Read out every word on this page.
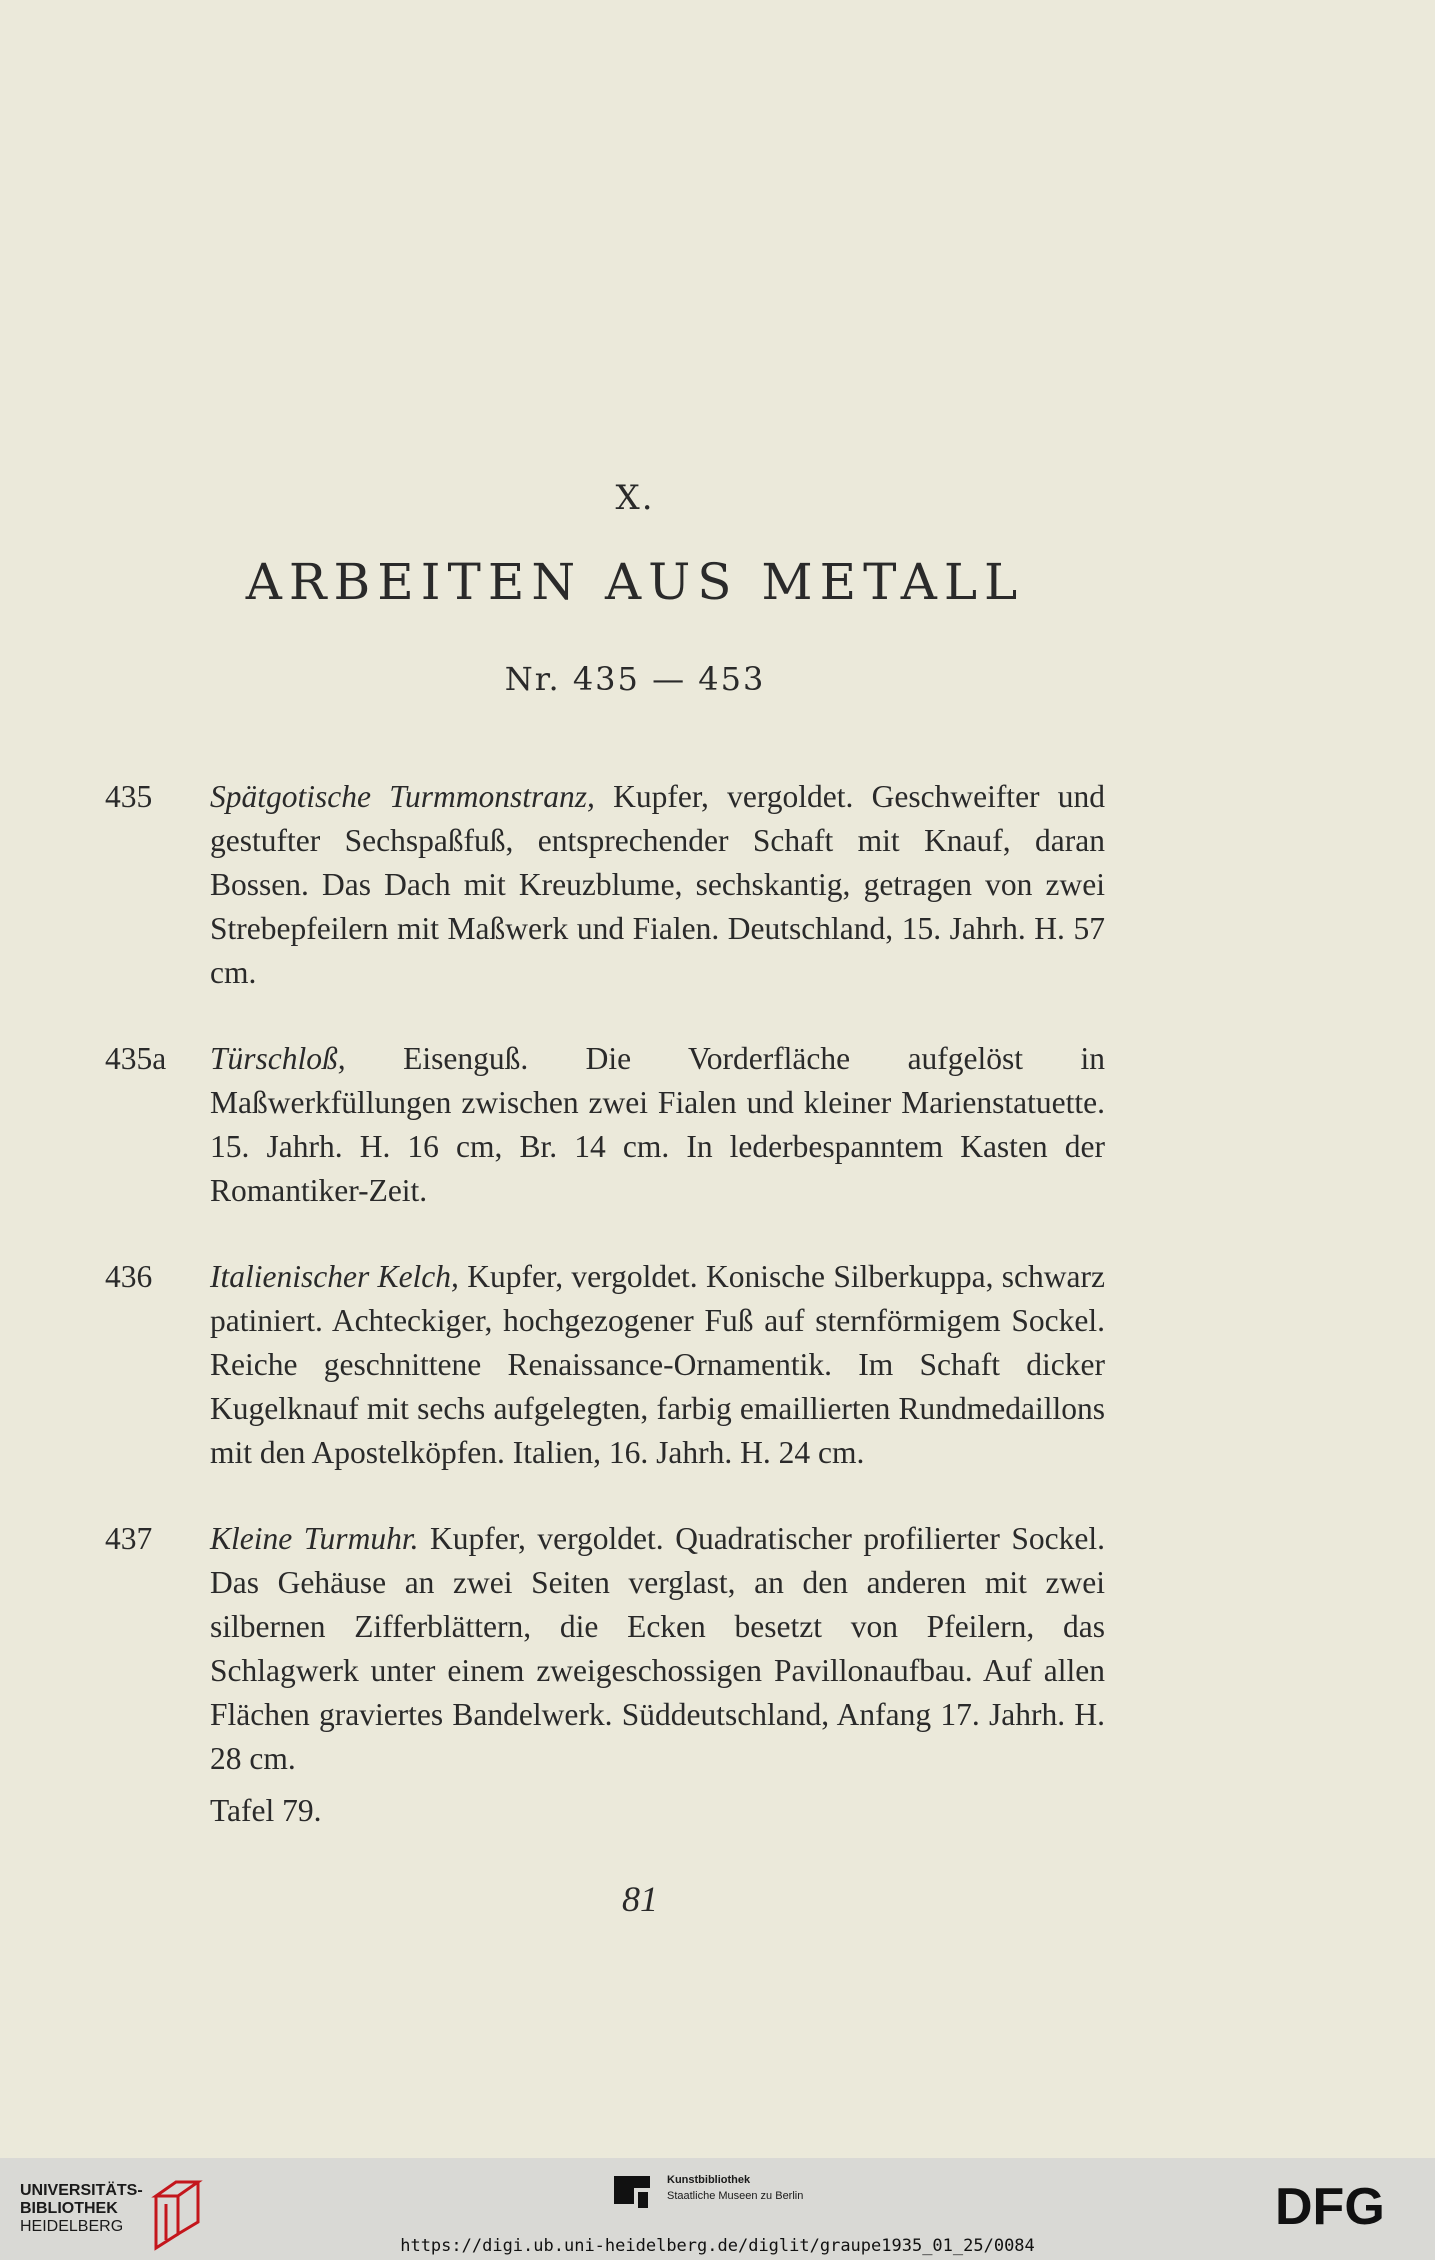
X.
ARBEITEN AUS METALL
Nr. 435 — 453
435 Spätgotische Turmmonstranz, Kupfer, vergoldet. Geschweifter und gestufter Sechspaßfuß, entsprechender Schaft mit Knauf, daran Bossen. Das Dach mit Kreuzblume, sechskantig, getragen von zwei Strebepfeilern mit Maßwerk und Fialen. Deutschland, 15. Jahrh. H. 57 cm.
435a Türschloß, Eisenguß. Die Vorderfläche aufgelöst in Maßwerkfüllungen zwischen zwei Fialen und kleiner Marienstatuette. 15. Jahrh. H. 16 cm, Br. 14 cm. In lederbespanntem Kasten der Romantiker-Zeit.
436 Italienischer Kelch, Kupfer, vergoldet. Konische Silberkuppa, schwarz patiniert. Achteckiger, hochgezogener Fuß auf sternförmigem Sockel. Reiche geschnittene Renaissance-Ornamentik. Im Schaft dicker Kugelknauf mit sechs aufgelegten, farbig emaillierten Rundmedaillons mit den Apostelköpfen. Italien, 16. Jahrh. H. 24 cm.
437 Kleine Turmuhr. Kupfer, vergoldet. Quadratischer profilierter Sockel. Das Gehäuse an zwei Seiten verglast, an den anderen mit zwei silbernen Zifferblättern, die Ecken besetzt von Pfeilern, das Schlagwerk unter einem zweigeschossigen Pavillonaufbau. Auf allen Flächen graviertes Bandelwerk. Süddeutschland, Anfang 17. Jahrh. H. 28 cm.
Tafel 79.
81
UNIVERSITÄTS-
BIBLIOTHEK
HEIDELBERG
Kunstbibliothek
Staatliche Museen zu Berlin	DFG
https://digi.ub.uni-heidelberg.de/diglit/graupe1935_01_25/0084
